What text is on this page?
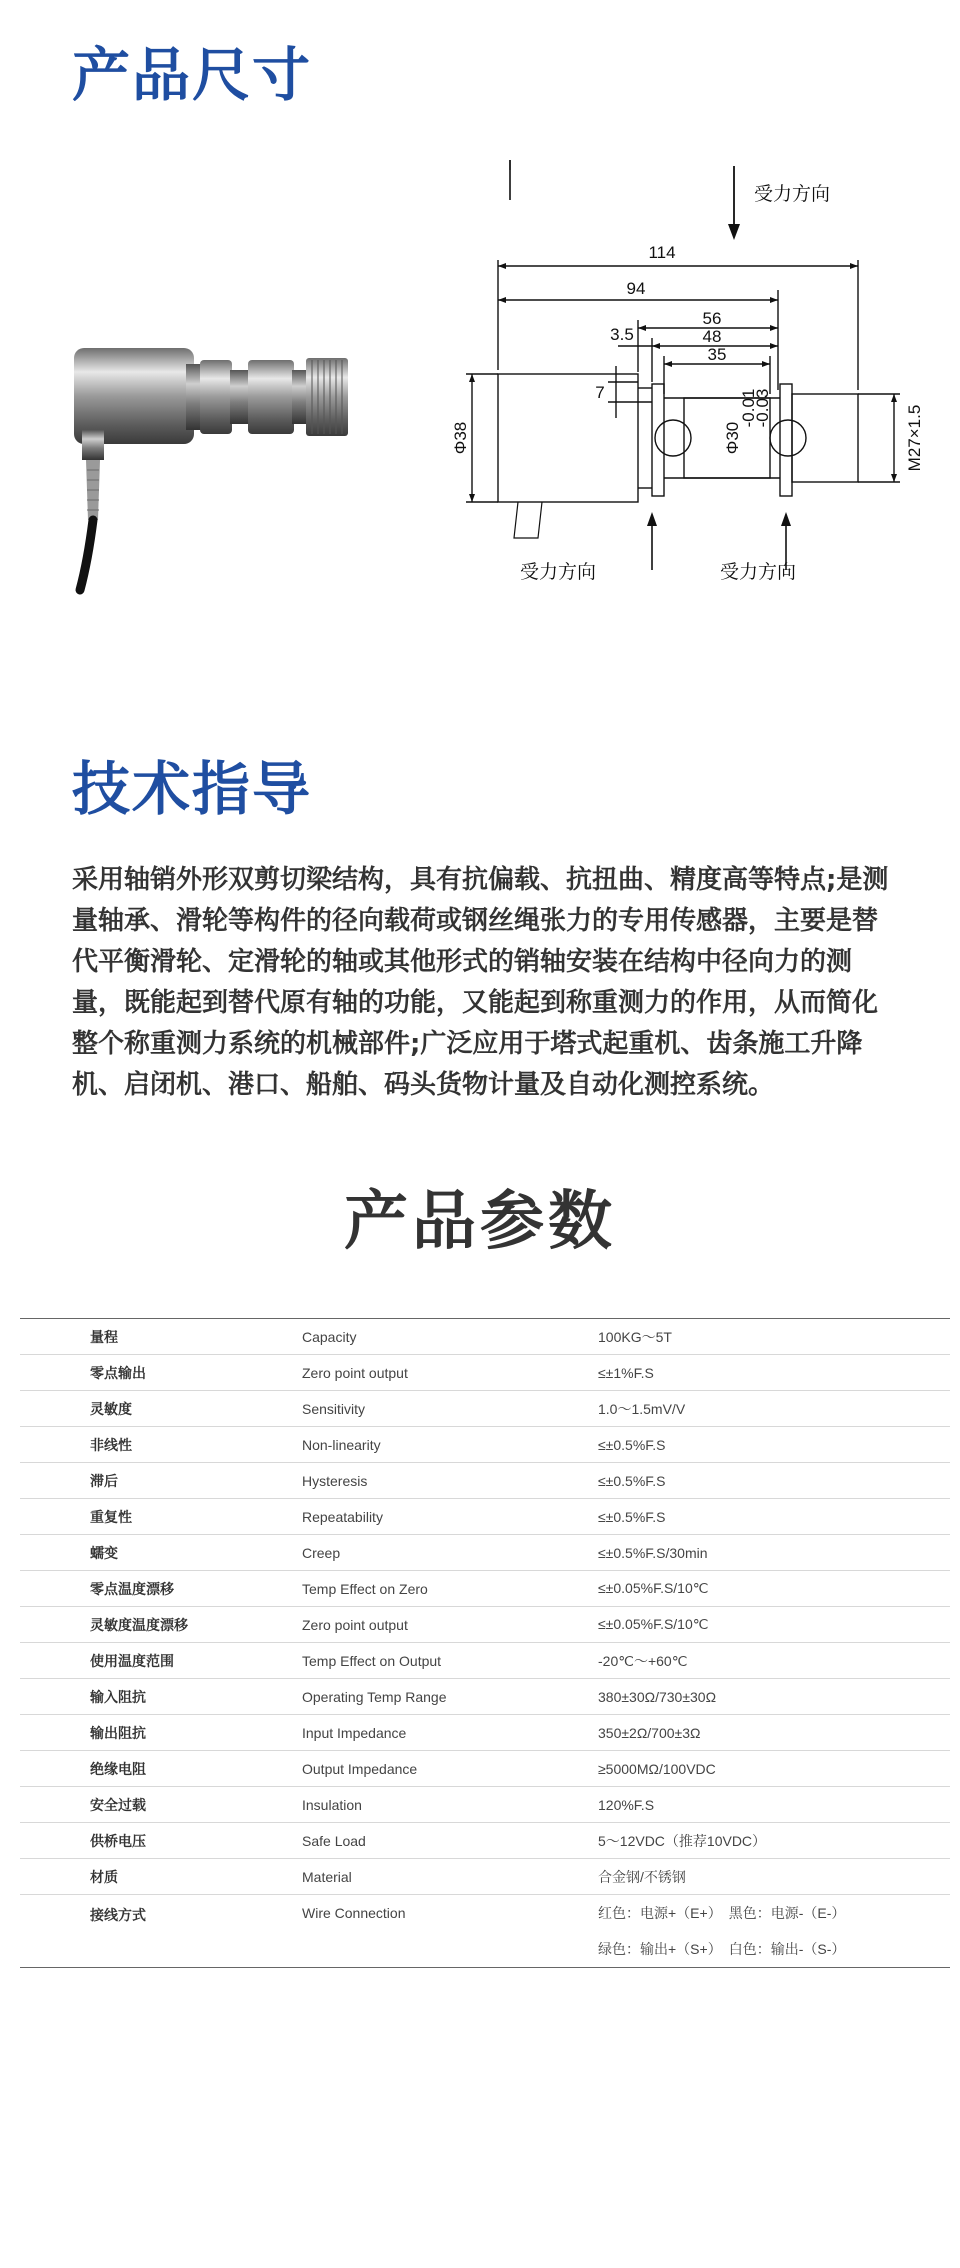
产品尺寸
114
94
56
48
35
3.5
7
Φ38	Φ30
-0.01
-0.03	M27×1.5
受力方向	受力方向
受力方向
技术指导

采用轴销外形双剪切梁结构，具有抗偏载、抗扭曲、精度高等特点;是测量轴承、滑轮等构件的径向载荷或钢丝绳张力的专用传感器，主要是替代平衡滑轮、定滑轮的轴或其他形式的销轴安装在结构中径向力的测量，既能起到替代原有轴的功能，又能起到称重测力的作用，从而简化整个称重测力系统的机械部件;广泛应用于塔式起重机、齿条施工升降机、启闭机、港口、船舶、码头货物计量及自动化测控系统。

产品参数
量程	Capacity	100KG～5T
零点输出	Zero point output	≤±1%F.S
灵敏度	Sensitivity	1.0～1.5mV/V
非线性	Non-linearity	≤±0.5%F.S
滞后	Hysteresis	≤±0.5%F.S
重复性	Repeatability	≤±0.5%F.S
蠕变	Creep	≤±0.5%F.S/30min
零点温度漂移	Temp Effect on Zero	≤±0.05%F.S/10℃
灵敏度温度漂移	Zero point output	≤±0.05%F.S/10℃
使用温度范围	Temp Effect on Output	-20℃～+60℃
输入阻抗	Operating Temp Range	380±30Ω/730±30Ω
输出阻抗	Input Impedance	350±2Ω/700±3Ω
绝缘电阻	Output Impedance	≥5000MΩ/100VDC
安全过载	Insulation	120%F.S
供桥电压	Safe Load	5～12VDC（推荐10VDC）
材质	Material	合金钢/不锈钢
接线方式	Wire Connection	红色：电源+（E+）　黑色：电源-（E-）
绿色：输出+（S+）　白色：输出-（S-）
